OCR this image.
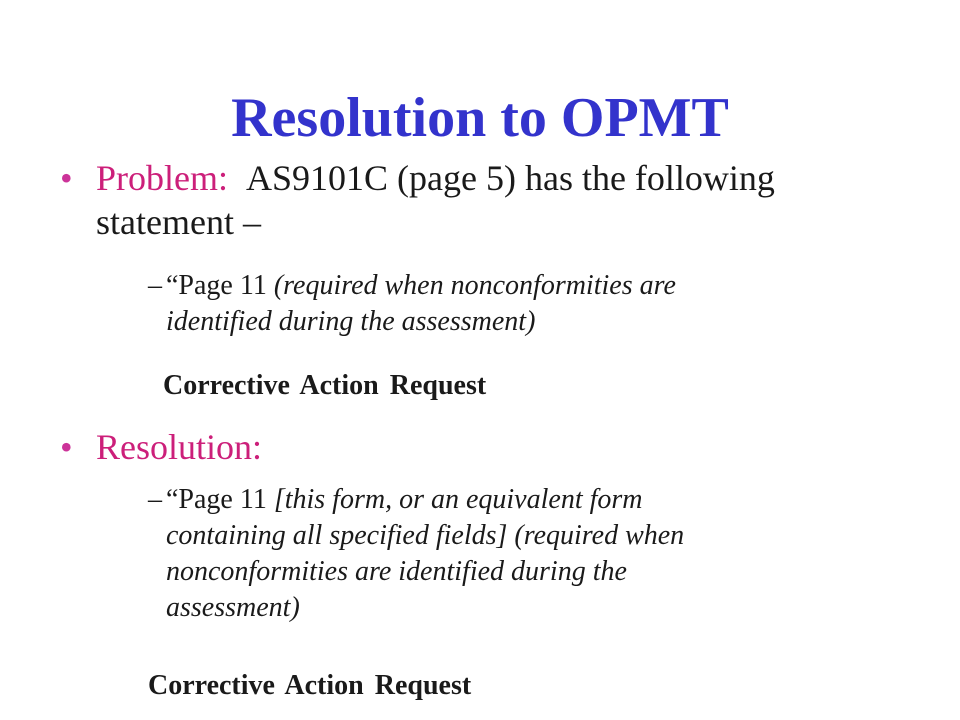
Resolution to OPMT
• Problem: AS9101C (page 5) has the following
statement –
– “Page 11 (required when nonconformities are
identified during the assessment)
Corrective Action Request
• Resolution:
– “Page 11 [this form, or an equivalent form
containing all specified fields] (required when
nonconformities are identified during the
assessment)
Corrective Action Request
